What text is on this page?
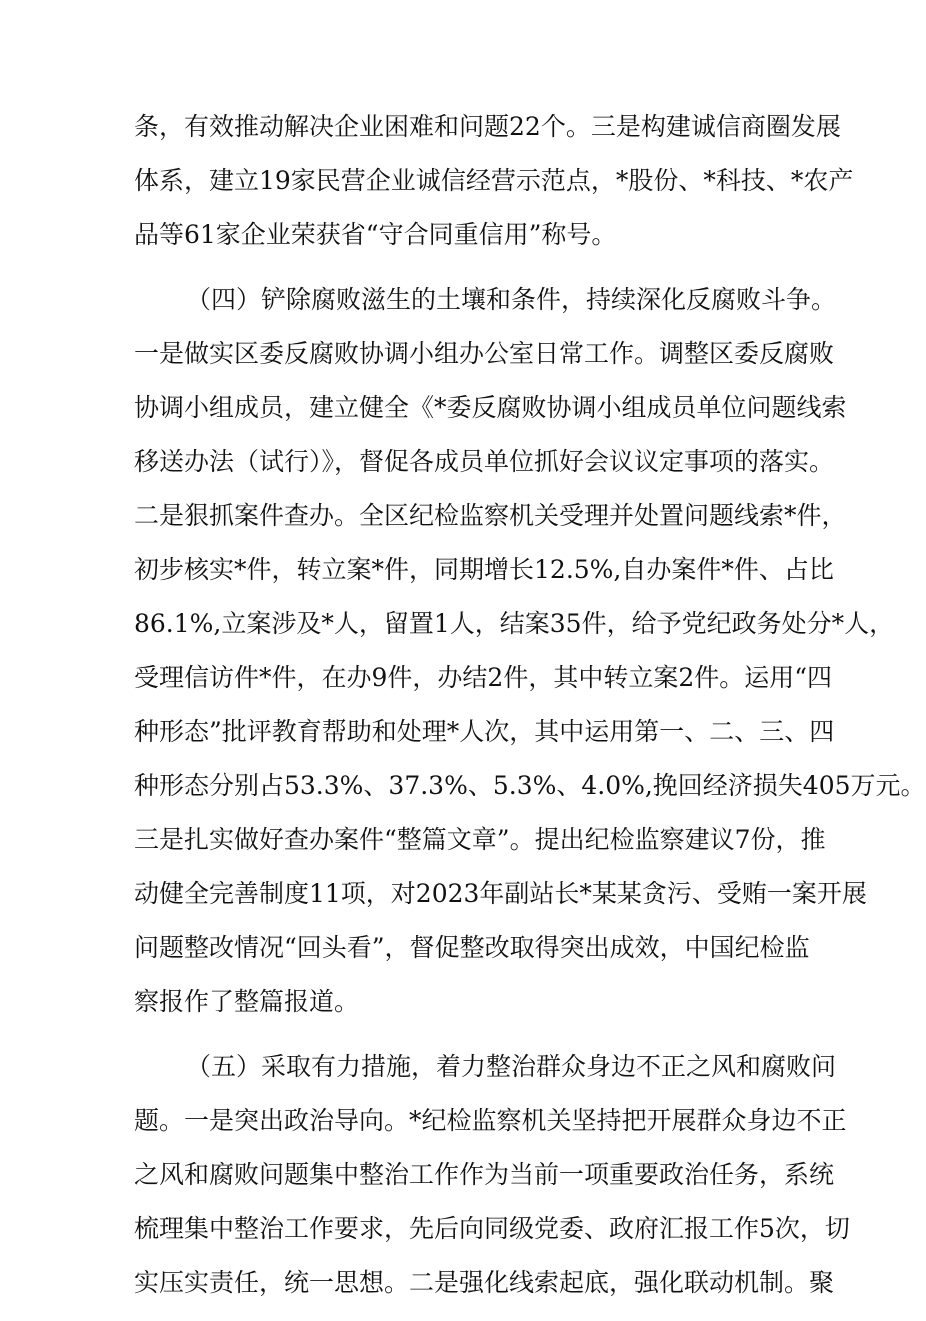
条，有效推动解决企业困难和问题22个。三是构建诚信商圈发展
体系，建立19家民营企业诚信经营示范点，*股份、*科技、*农产
品等61家企业荣获省“守合同重信用”称号。
（四）铲除腐败滋生的土壤和条件，持续深化反腐败斗争。
一是做实区委反腐败协调小组办公室日常工作。调整区委反腐败
协调小组成员，建立健全《*委反腐败协调小组成员单位问题线索
移送办法（试行）》，督促各成员单位抓好会议议定事项的落实。
二是狠抓案件查办。全区纪检监察机关受理并处置问题线索*件，
初步核实*件，转立案*件，同期增长12.5%,自办案件*件、占比
86.1%,立案涉及*人，留置1人，结案35件，给予党纪政务处分*人，
受理信访件*件，在办9件，办结2件，其中转立案2件。运用“四
种形态”批评教育帮助和处理*人次，其中运用第一、二、三、四
种形态分别占53.3%、37.3%、5.3%、4.0%,挽回经济损失405万元。
三是扎实做好查办案件“整篇文章”。提出纪检监察建议7份，推
动健全完善制度11项，对2023年副站长*某某贪污、受贿一案开展
问题整改情况“回头看”，督促整改取得突出成效，中国纪检监
察报作了整篇报道。
（五）采取有力措施，着力整治群众身边不正之风和腐败问
题。一是突出政治导向。*纪检监察机关坚持把开展群众身边不正
之风和腐败问题集中整治工作作为当前一项重要政治任务，系统
梳理集中整治工作要求，先后向同级党委、政府汇报工作5次，切
实压实责任，统一思想。二是强化线索起底，强化联动机制。聚
